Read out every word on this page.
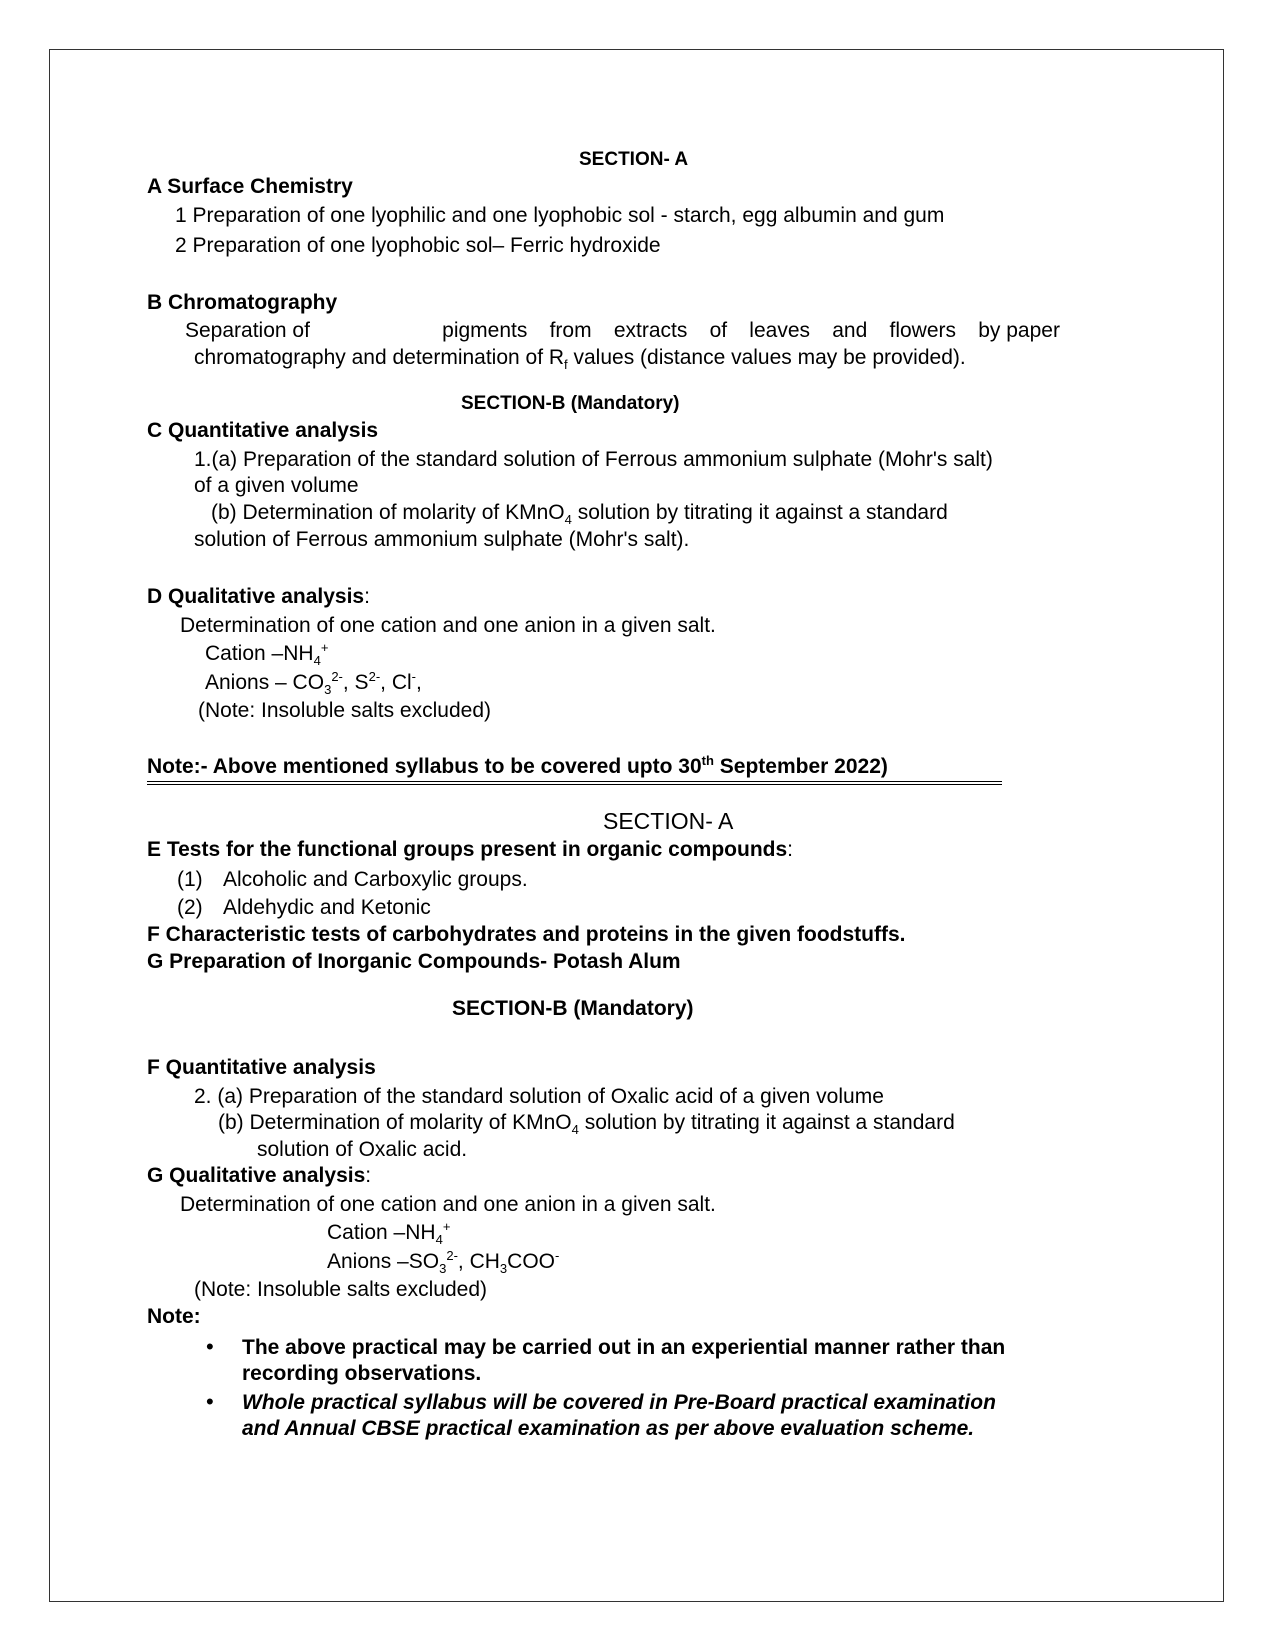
SECTION- A
A Surface Chemistry
1 Preparation of one lyophilic and one lyophobic sol - starch, egg albumin and gum
2 Preparation of one lyophobic sol– Ferric hydroxide
B Chromatography
Separation of	pigments from extracts of leaves and flowers by paper
chromatography and determination of $R_f$ values (distance values may be provided).
SECTION-B (Mandatory)
C Quantitative analysis
1.(a) Preparation of the standard solution of Ferrous ammonium sulphate (Mohr's salt)
of a given volume
(b) Determination of molarity of KMnO$_4$ solution by titrating it against a standard
solution of Ferrous ammonium sulphate (Mohr's salt).
D Qualitative analysis:
Determination of one cation and one anion in a given salt.
Cation $-NH_4^+$
Anions – $CO_3^{2-}$, $S^{2-}$, Cl-,
(Note: Insoluble salts excluded)
Note:- Above mentioned syllabus to be covered upto 30th September 2022)
SECTION- A
E Tests for the functional groups present in organic compounds:
(1) Alcoholic and Carboxylic groups.
(2) Aldehydic and Ketonic
F Characteristic tests of carbohydrates and proteins in the given foodstuffs.
G Preparation of Inorganic Compounds- Potash Alum
SECTION-B (Mandatory)
F Quantitative analysis
2. (a) Preparation of the standard solution of Oxalic acid of a given volume
(b) Determination of molarity of KMnO$_4$ solution by titrating it against a standard
solution of Oxalic acid.
G Qualitative analysis:
Determination of one cation and one anion in a given salt.
Cation $-NH_4^+$
Anions $-SO_3^{2-}$, $CH_3COO^-$
(Note: Insoluble salts excluded)
Note:
• The above practical may be carried out in an experiential manner rather than
recording observations.
• Whole practical syllabus will be covered in Pre-Board practical examination
and Annual CBSE practical examination as per above evaluation scheme.
